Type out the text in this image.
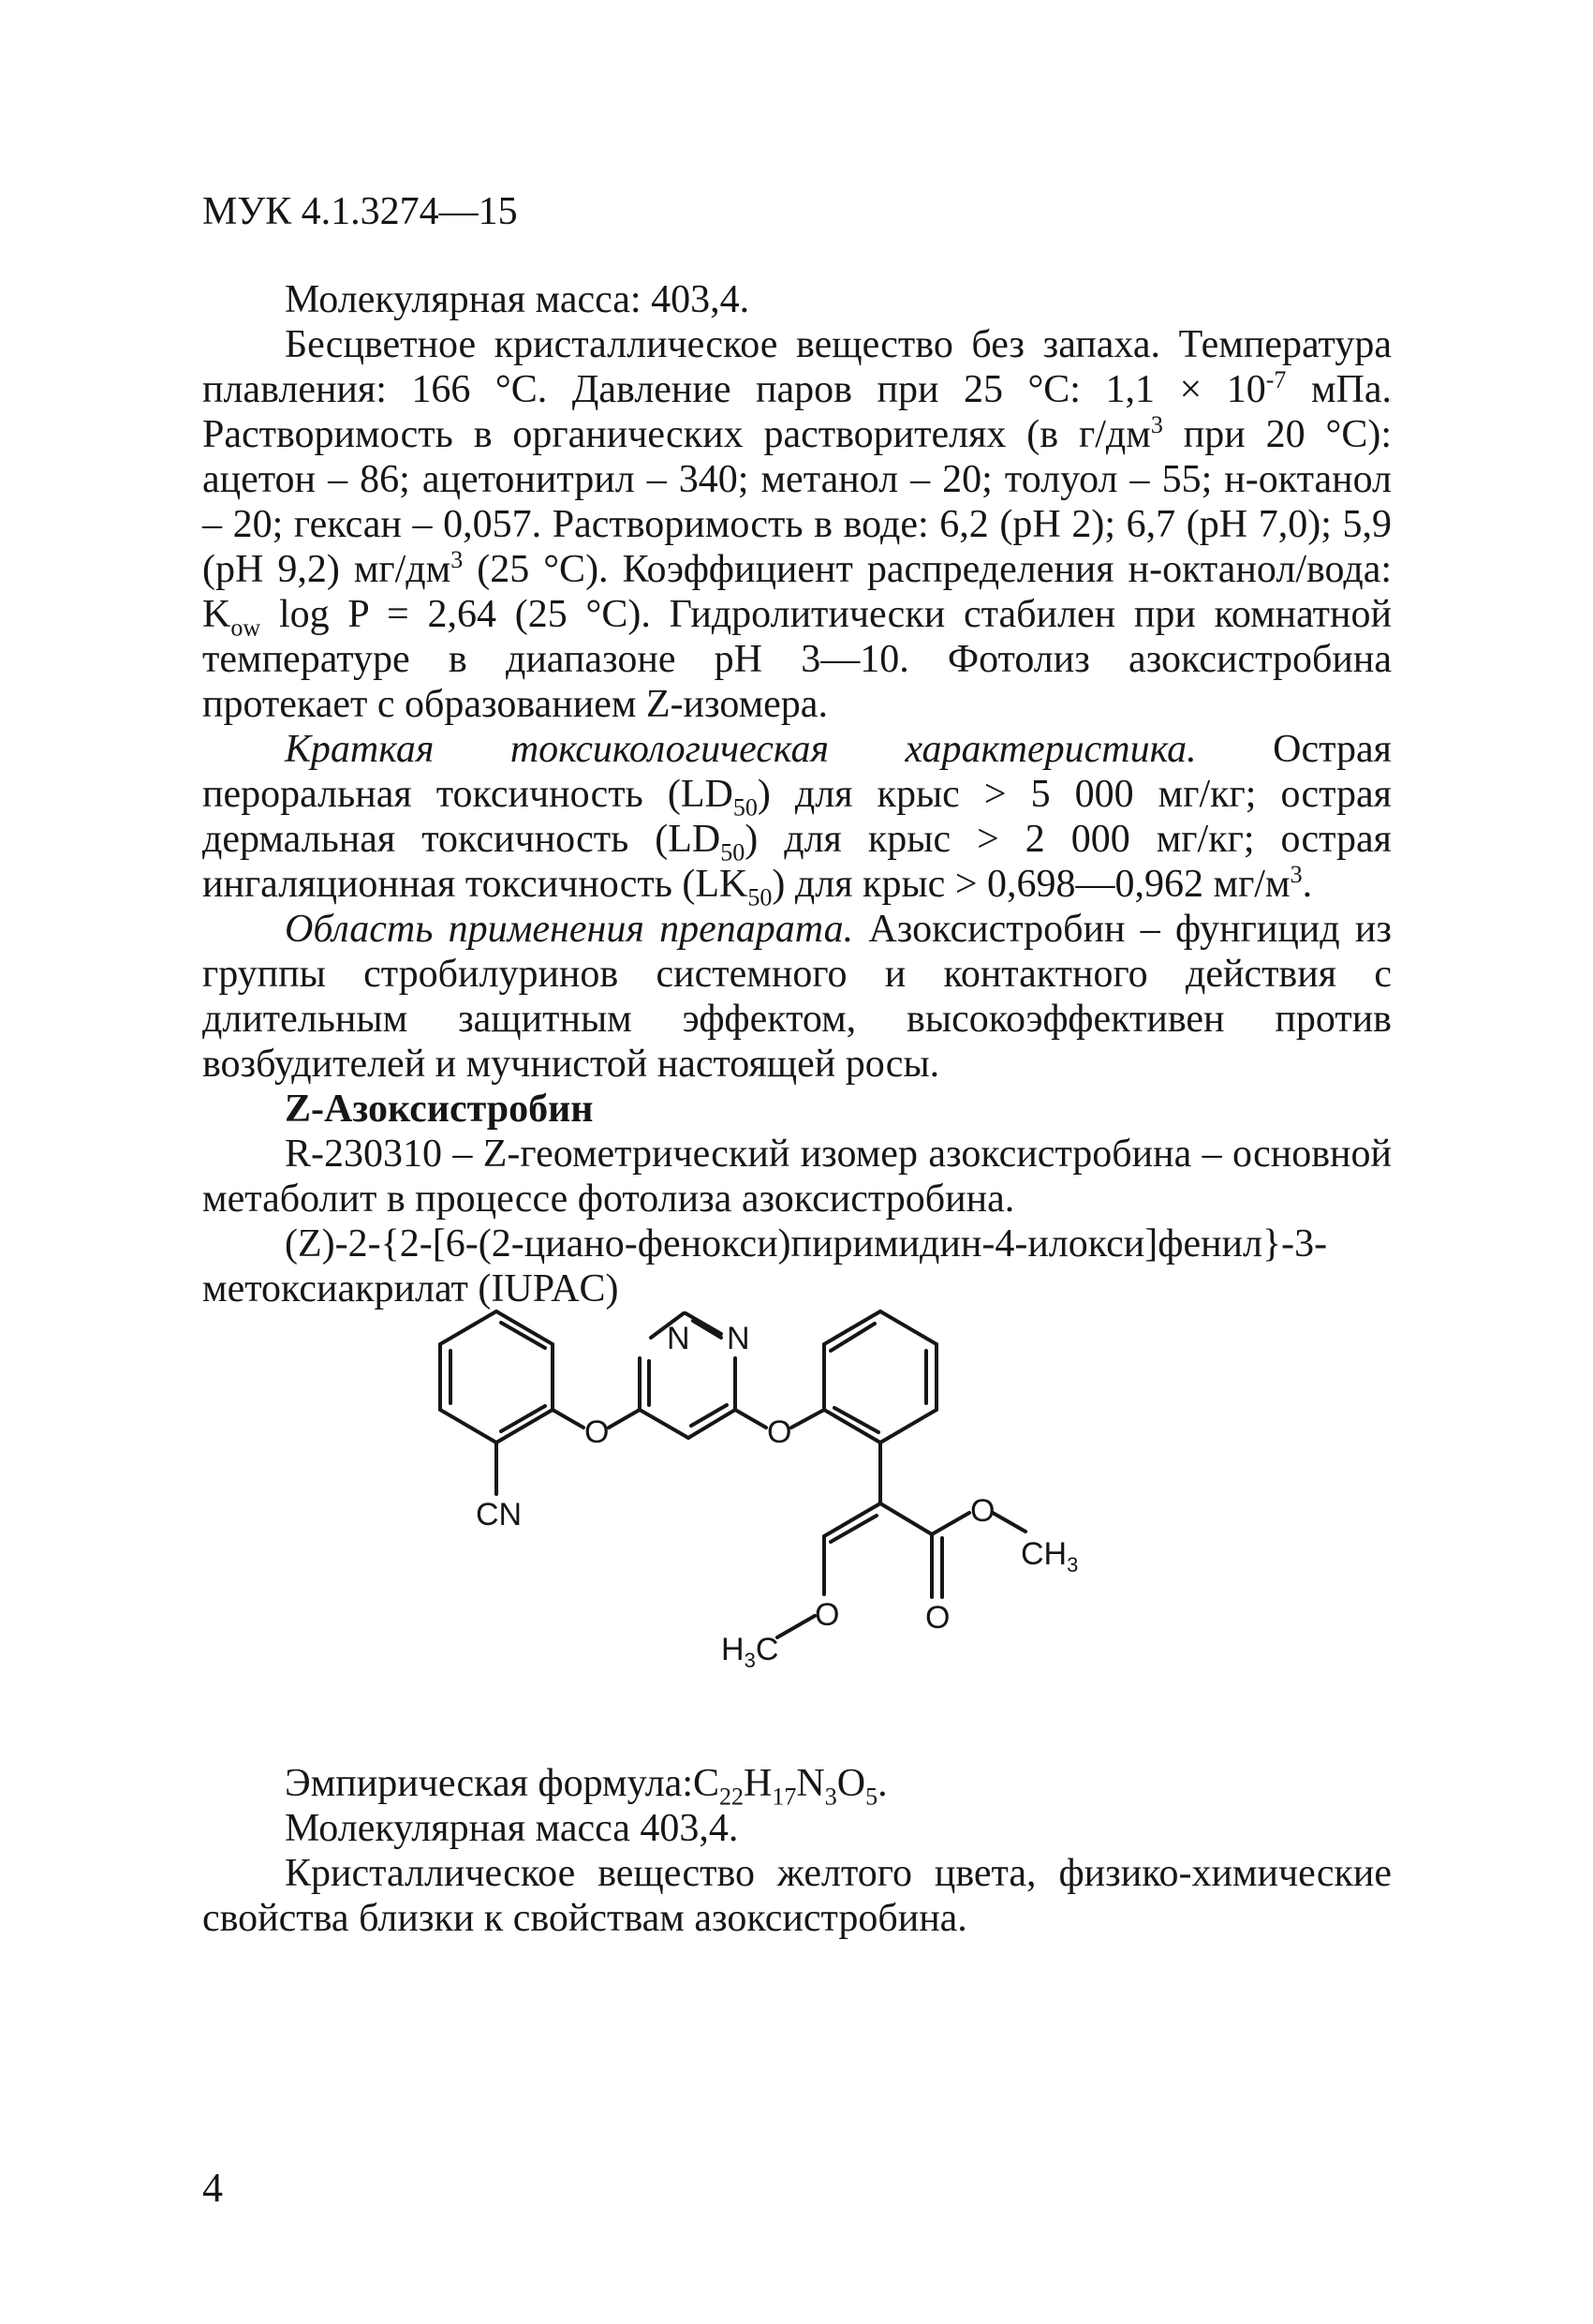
МУК 4.1.3274—15

Молекулярная масса: 403,4.

Бесцветное кристаллическое вещество без запаха. Температура плавления: 166 °С. Давление паров при 25 °С: $1,1 \times 10^{-7}$ мПа. Растворимость в органических растворителях (в $г/дм^3$ при 20 °С): ацетон – 86; ацетонитрил – 340; метанол – 20; толуол – 55; н-октанол – 20; гексан – 0,057. Растворимость в воде: 6,2 (рН 2); 6,7 (рН 7,0); 5,9 (рН 9,2) $мг/дм^3$ (25 °С). Коэффициент распределения н-октанол/вода: $K_{ow}$ log P = 2,64 (25 °С). Гидролитически стабилен при комнатной температуре в диапазоне рН 3—10. Фотолиз азоксистробина протекает с образованием Z-изомера.

Краткая токсикологическая характеристика. Острая пероральная токсичность $(LD_{50})$ для крыс > 5 000 мг/кг; острая дермальная токсичность $(LD_{50})$ для крыс > 2 000 мг/кг; острая ингаляционная токсичность $(LK_{50})$ для крыс > 0,698—0,962 $мг/м^3$.

Область применения препарата. Азоксистробин – фунгицид из группы стробилуринов системного и контактного действия с длительным защитным эффектом, высокоэффективен против возбудителей и мучнистой настоящей росы.

Z-Азоксистробин

R-230310 – Z-геометрический изомер азоксистробина – основной метаболит в процессе фотолиза азоксистробина.

(Z)-2-{2-[6-(2-циано-фенокси)пиримидин-4-илокси]фенил}-3-метоксиакрилат (IUPAC)

N N
O	O
CN	O
$CH_3$
O
O
$H_3C$

Эмпирическая $формула:C_{22}H_{17}N_3O_5$.

Молекулярная масса 403,4.

Кристаллическое вещество желтого цвета, физико-химические свойства близки к свойствам азоксистробина.

4
